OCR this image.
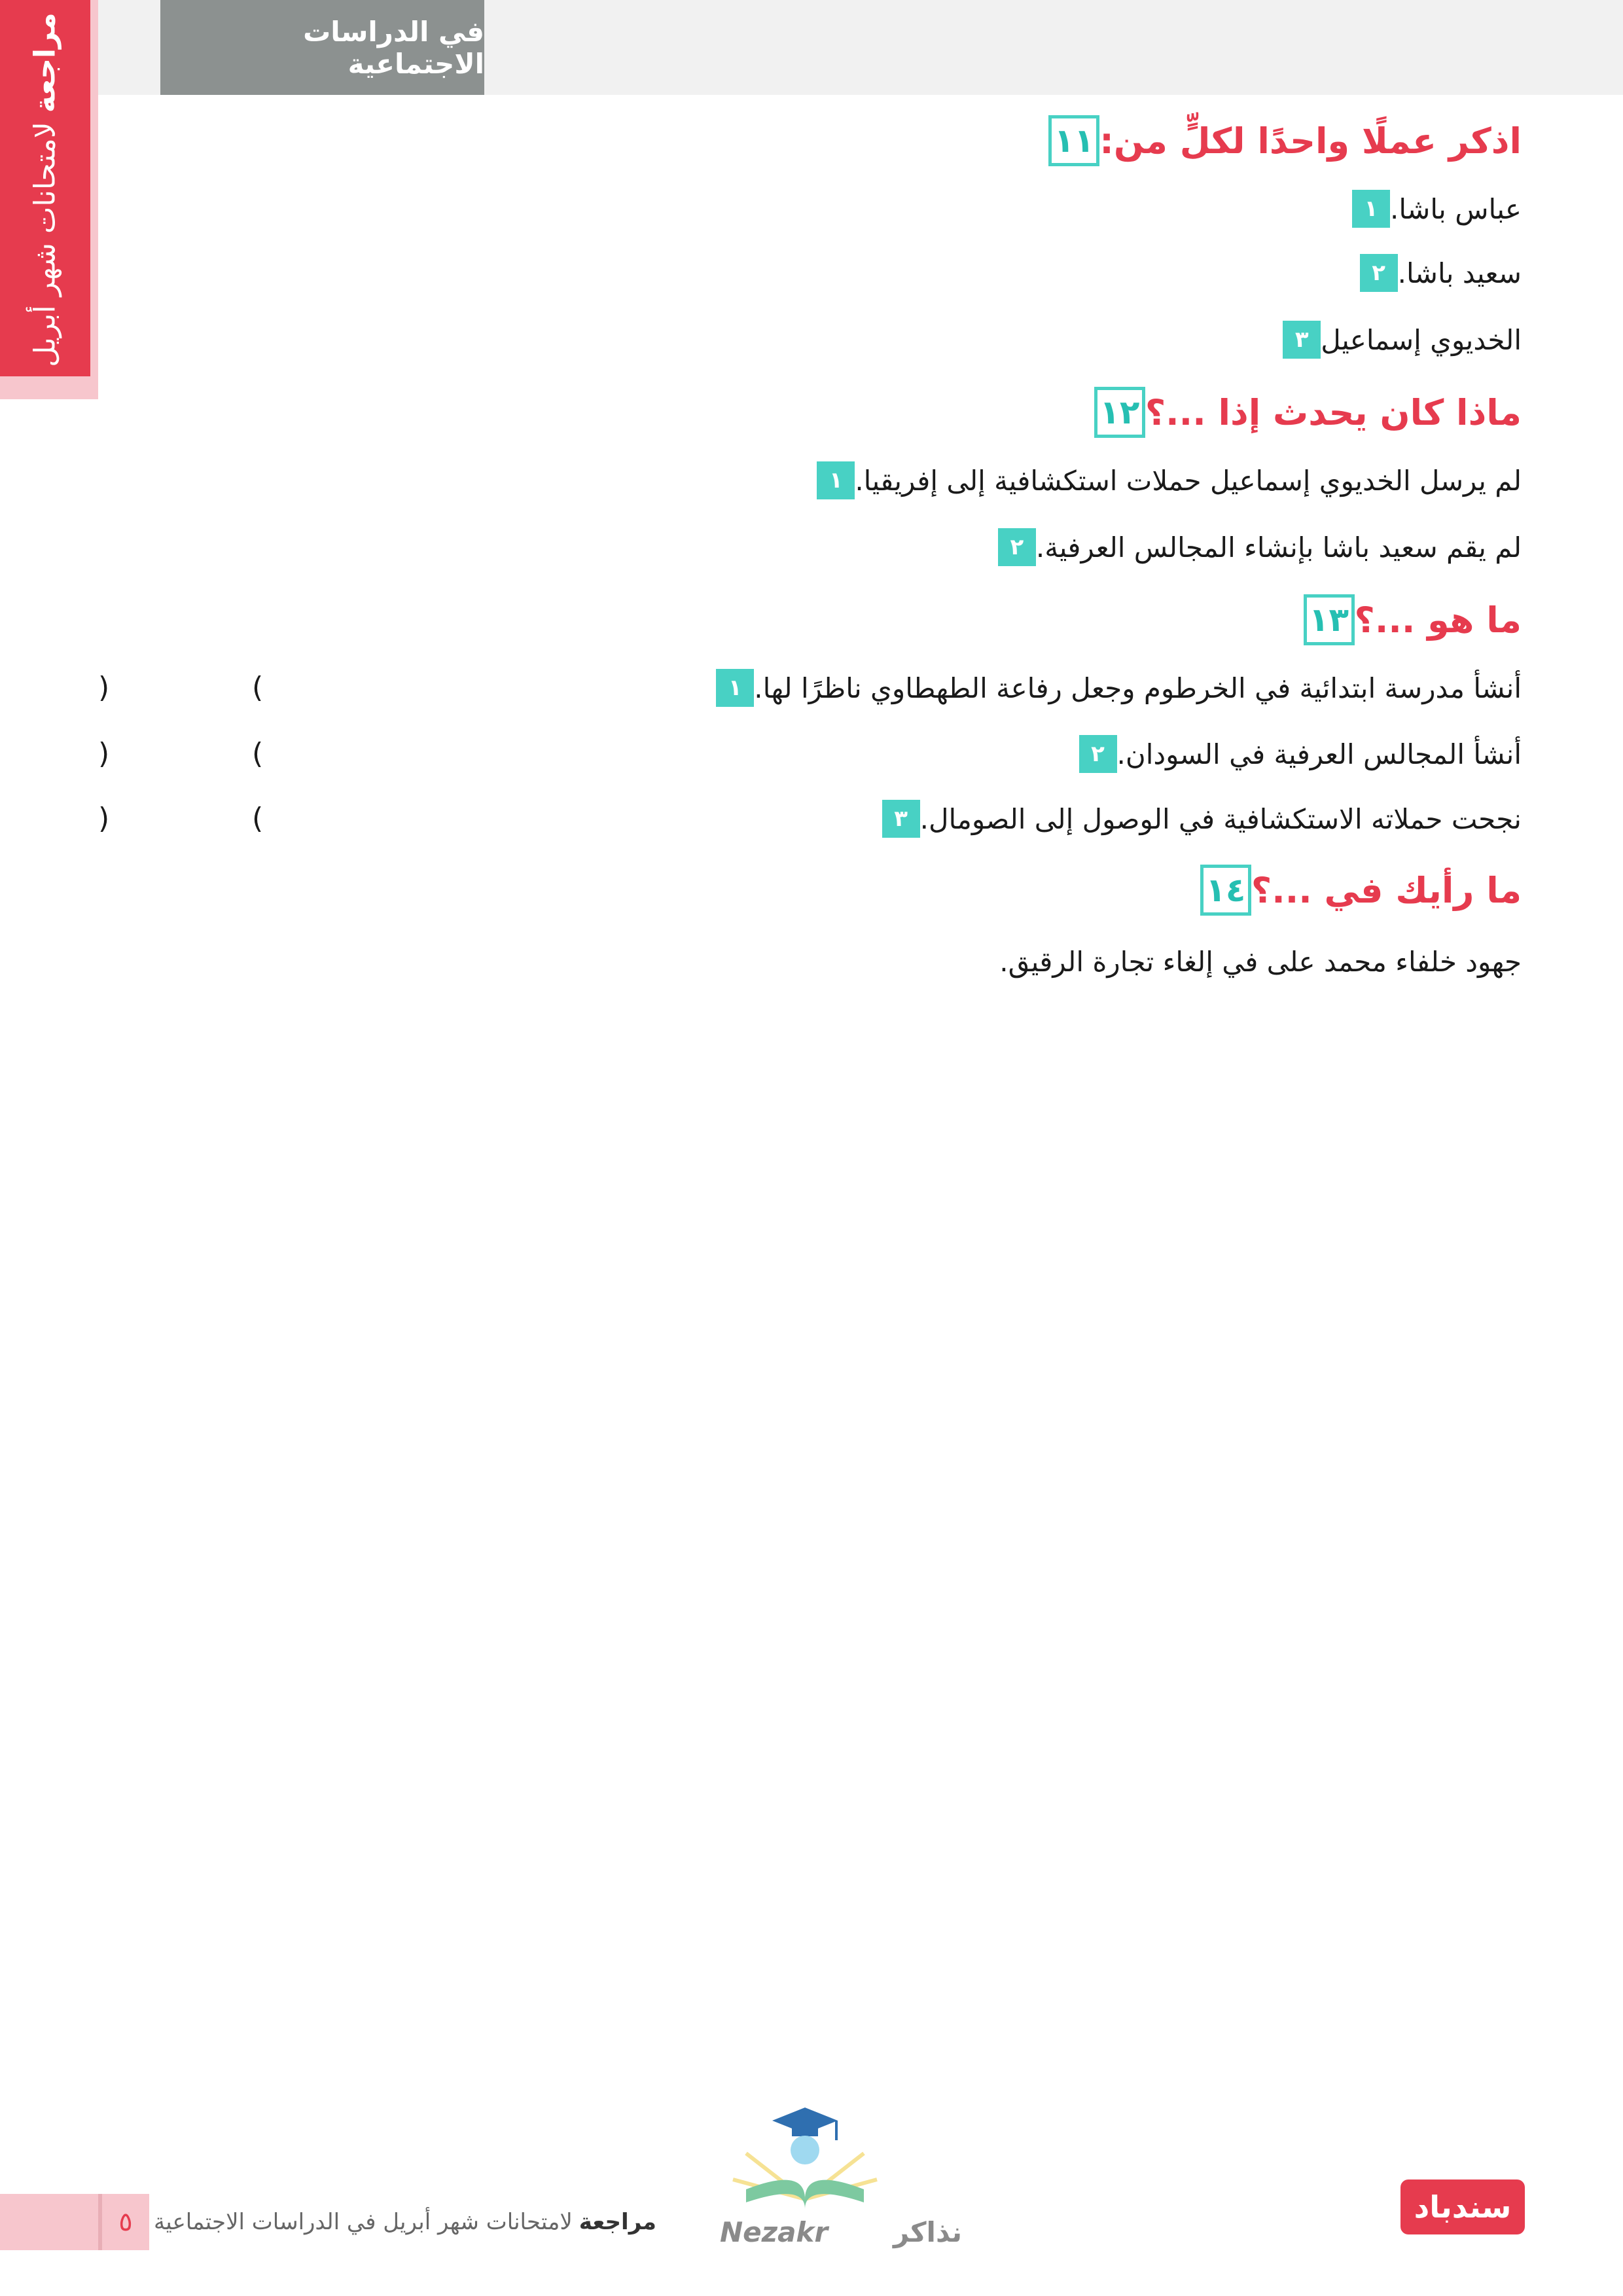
في الدراسات الاجتماعية
مراجعة لامتحانات شهر أبريل	١١ اذكر عملًا واحدًا لكلٍّ من:
١ عباس باشا.
٢ سعيد باشا.
٣ الخديوي إسماعيل
١٢ ماذا كان يحدث إذا ...؟
١ لم يرسل الخديوي إسماعيل حملات استكشافية إلى إفريقيا.
٢ لم يقم سعيد باشا بإنشاء المجالس العرفية.
١٣ ما هو ...؟
١ أنشأ مدرسة ابتدائية في الخرطوم وجعل رفاعة الطهطاوي ناظرًا لها.
(
)
٢ أنشأ المجالس العرفية في السودان.
(
)
٣ نجحت حملاته الاستكشافية في الوصول إلى الصومال.
(
)
١٤ ما رأيك في ...؟
جهود خلفاء محمد على في إلغاء تجارة الرقيق.
٥	مراجعة
لامتحانات شهر أبريل في الدراسات الاجتماعية	Nezakr نذاكر
سندباد
